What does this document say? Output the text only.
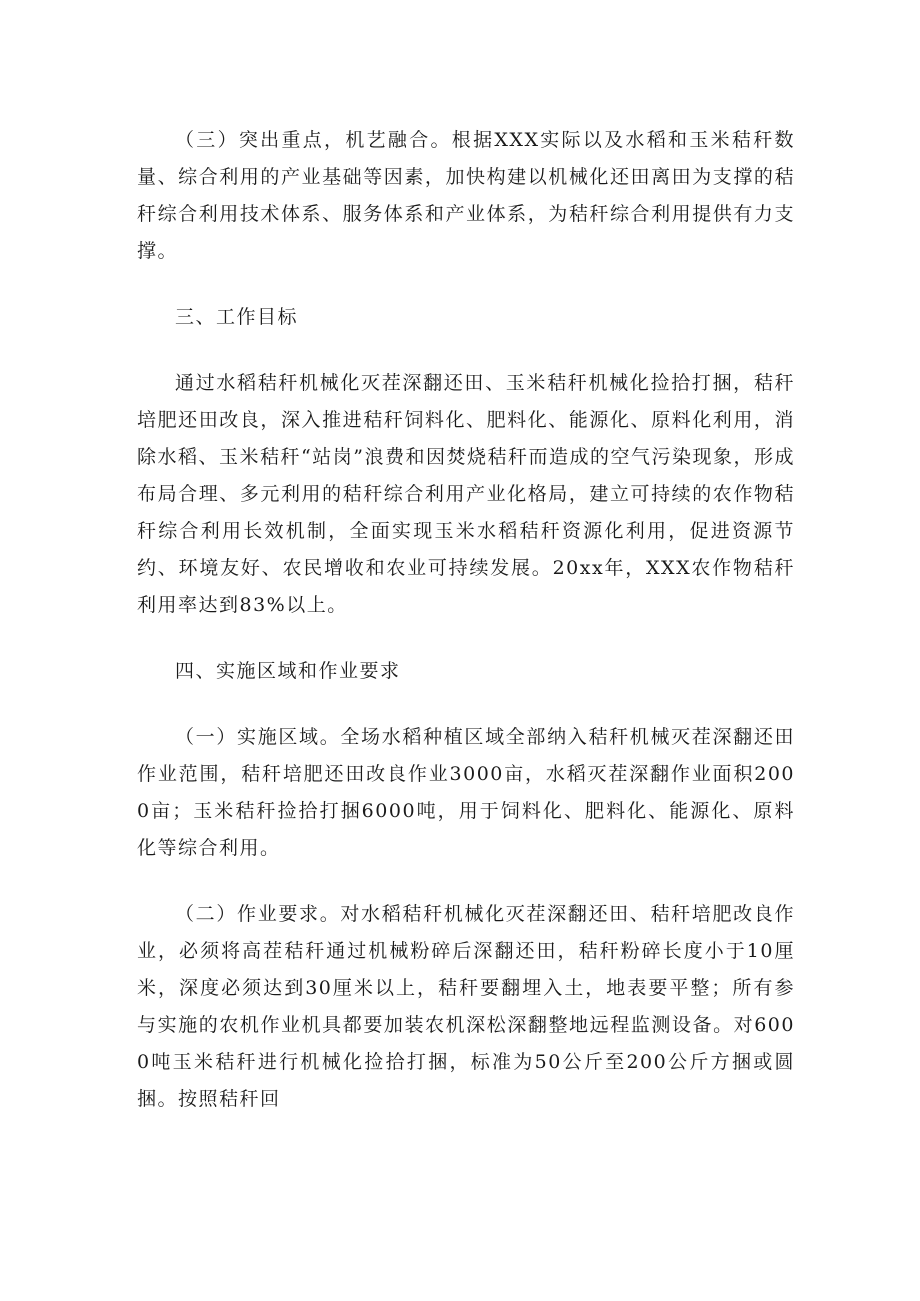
（三）突出重点，机艺融合。根据XXX实际以及水稻和玉米秸秆数量、综合利用的产业基础等因素，加快构建以机械化还田离田为支撑的秸秆综合利用技术体系、服务体系和产业体系，为秸秆综合利用提供有力支撑。

三、工作目标

通过水稻秸秆机械化灭茬深翻还田、玉米秸秆机械化捡拾打捆，秸秆培肥还田改良，深入推进秸秆饲料化、肥料化、能源化、原料化利用，消除水稻、玉米秸秆“站岗”浪费和因焚烧秸秆而造成的空气污染现象，形成布局合理、多元利用的秸秆综合利用产业化格局，建立可持续的农作物秸秆综合利用长效机制，全面实现玉米水稻秸秆资源化利用，促进资源节约、环境友好、农民增收和农业可持续发展。20xx年，XXX农作物秸秆利用率达到83%以上。

四、实施区域和作业要求

（一）实施区域。全场水稻种植区域全部纳入秸秆机械灭茬深翻还田作业范围，秸秆培肥还田改良作业3000亩，水稻灭茬深翻作业面积2000亩；玉米秸秆捡拾打捆6000吨，用于饲料化、肥料化、能源化、原料化等综合利用。

（二）作业要求。对水稻秸秆机械化灭茬深翻还田、秸秆培肥改良作业，必须将高茬秸秆通过机械粉碎后深翻还田，秸秆粉碎长度小于10厘米，深度必须达到30厘米以上，秸秆要翻埋入土，地表要平整；所有参与实施的农机作业机具都要加装农机深松深翻整地远程监测设备。对6000吨玉米秸秆进行机械化捡拾打捆，标准为50公斤至200公斤方捆或圆捆。按照秸秆回
